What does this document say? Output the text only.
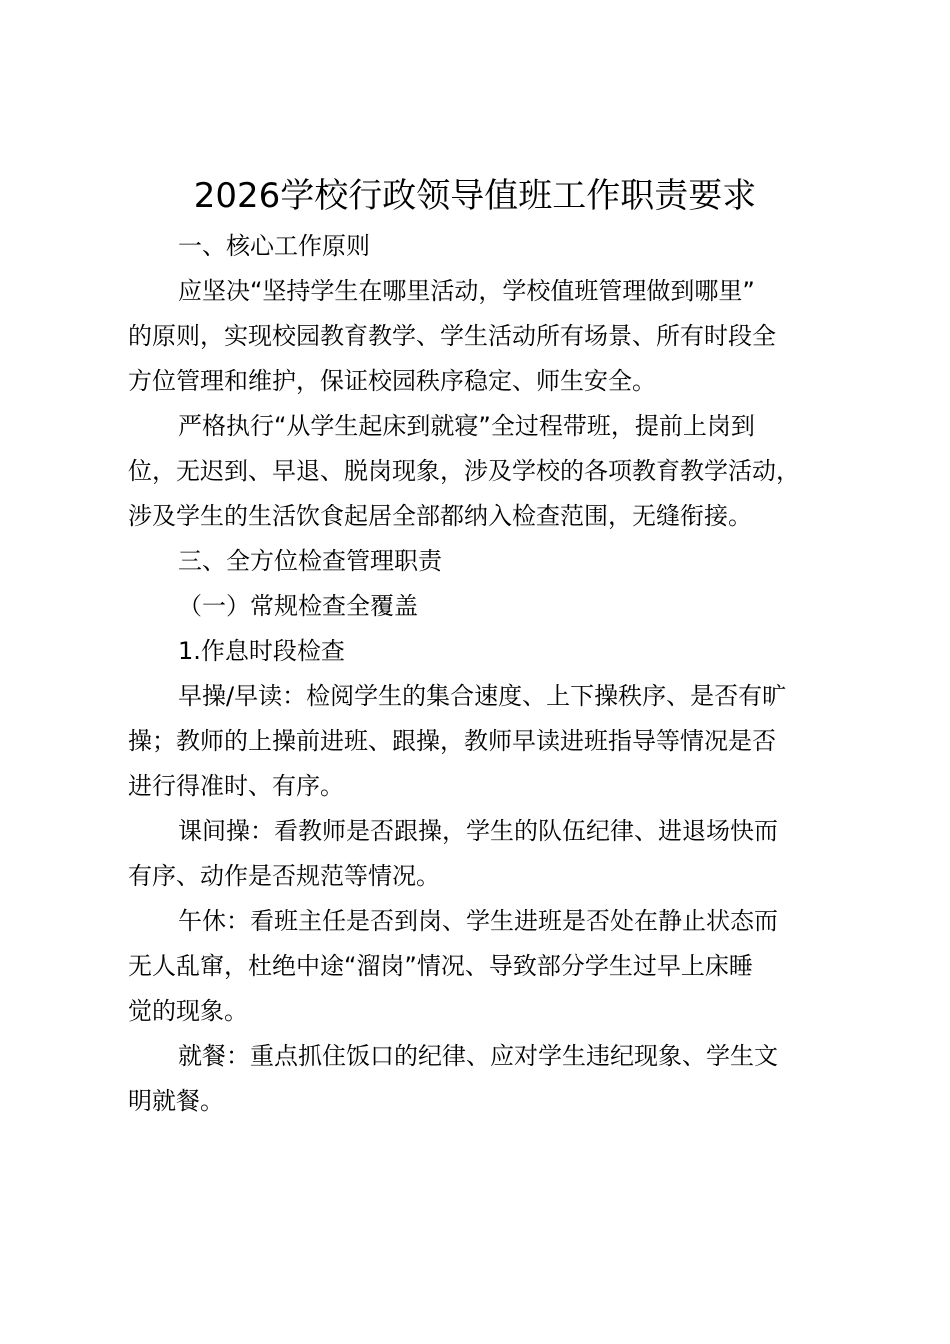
2026学校行政领导值班工作职责要求
一、核心工作原则
应坚决“坚持学生在哪里活动，学校值班管理做到哪里”
的原则，实现校园教育教学、学生活动所有场景、所有时段全
方位管理和维护，保证校园秩序稳定、师生安全。
严格执行“从学生起床到就寝”全过程带班，提前上岗到
位，无迟到、早退、脱岗现象，涉及学校的各项教育教学活动，
涉及学生的生活饮食起居全部都纳入检查范围，无缝衔接。
三、全方位检查管理职责
（一）常规检查全覆盖
1.作息时段检查
早操/早读：检阅学生的集合速度、上下操秩序、是否有旷
操；教师的上操前进班、跟操，教师早读进班指导等情况是否
进行得准时、有序。
课间操：看教师是否跟操，学生的队伍纪律、进退场快而
有序、动作是否规范等情况。
午休：看班主任是否到岗、学生进班是否处在静止状态而
无人乱窜，杜绝中途“溜岗”情况、导致部分学生过早上床睡
觉的现象。
就餐：重点抓住饭口的纪律、应对学生违纪现象、学生文
明就餐。
